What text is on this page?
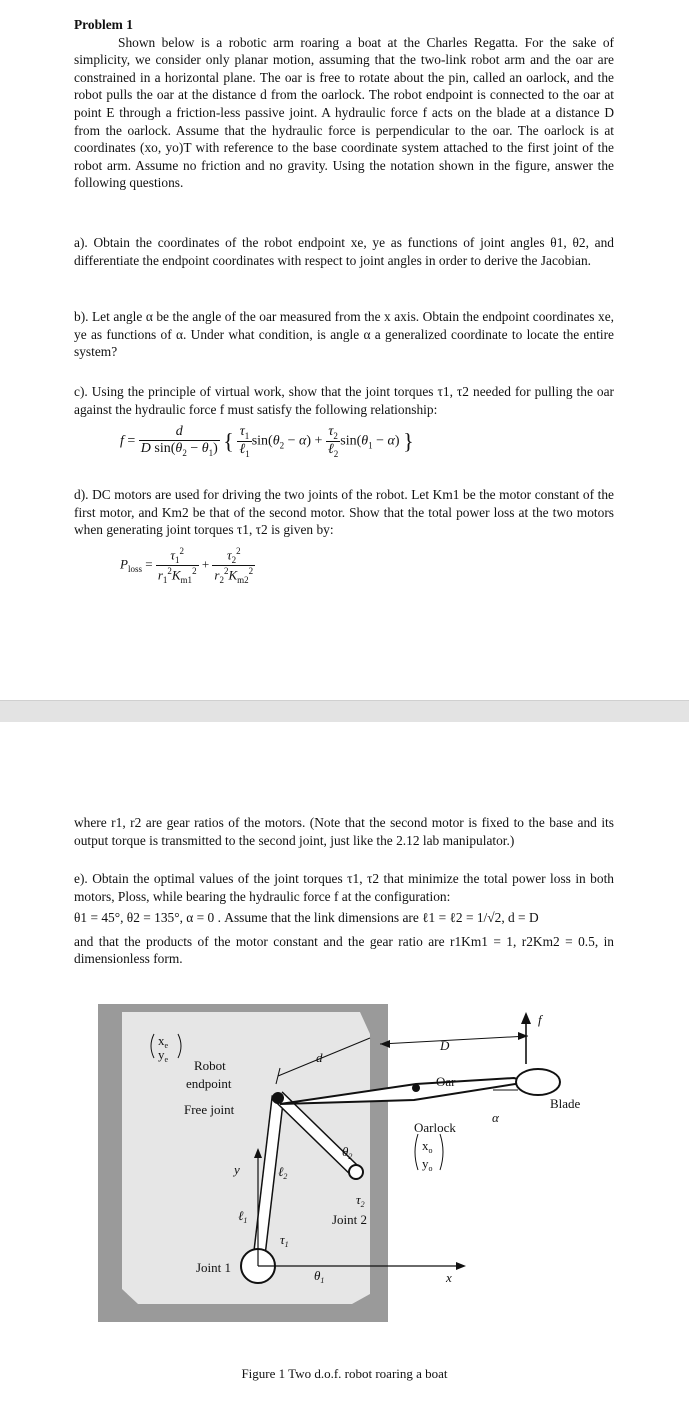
Problem 1

Shown below is a robotic arm roaring a boat at the Charles Regatta. For the sake of simplicity, we consider only planar motion, assuming that the two-link robot arm and the oar are constrained in a horizontal plane. The oar is free to rotate about the pin, called an oarlock, and the robot pulls the oar at the distance d from the oarlock. The robot endpoint is connected to the oar at point E through a friction-less passive joint. A hydraulic force f acts on the blade at a distance D from the oarlock. Assume that the hydraulic force is perpendicular to the oar. The oarlock is at coordinates (xo, yo)T with reference to the base coordinate system attached to the first joint of the robot arm. Assume no friction and no gravity. Using the notation shown in the figure, answer the following questions.

a). Obtain the coordinates of the robot endpoint xe, ye as functions of joint angles θ1, θ2, and differentiate the endpoint coordinates with respect to joint angles in order to derive the Jacobian.

b). Let angle α be the angle of the oar measured from the x axis. Obtain the endpoint coordinates xe, ye as functions of α. Under what condition, is angle α a generalized coordinate to locate the entire system?

c). Using the principle of virtual work, show that the joint torques τ1, τ2 needed for pulling the oar against the hydraulic force f must satisfy the following relationship:

$f = \frac{d}{D \sin(\theta_2 - \theta_1)}$ { $\frac{\tau_1}{\ell_1} \sin(\theta_2 - \alpha) + \frac{\tau_2}{\ell_2} \sin(\theta_1 - \alpha)$ }

d). DC motors are used for driving the two joints of the robot. Let Km1 be the motor constant of the first motor, and Km2 be that of the second motor. Show that the total power loss at the two motors when generating joint torques τ1, τ2 is given by:

$P_{loss} = \frac{\tau_1^2}{r_1^2K_{m1}^2} + \frac{\tau_2^2}{r_2^2K_{m2}^2}$

where r1, r2 are gear ratios of the motors. (Note that the second motor is fixed to the base and its output torque is transmitted to the second joint, just like the 2.12 lab manipulator.)

e). Obtain the optimal values of the joint torques τ1, τ2 that minimize the total power loss in both motors, Ploss, while bearing the hydraulic force f at the configuration:

θ1 = 45°, θ2 = 135°, α = 0 . Assume that the link dimensions are ℓ1 = ℓ2 = 1/√2, d = D

and that the products of the motor constant and the gear ratio are r1Km1 = 1, r2Km2 = 0.5, in dimensionless form.

$x_e$
$y_e$ Robot
endpoint
Free joint
d
D
f
Oar
Blade
Oarlock
$x_o$
$y_o$
α
$\theta_2$
$\tau_2$
Joint 2
y	ℓ$_2$
ℓ$_1$
$\tau_1$
Joint 1
$\theta_1$	x
Figure 1 Two d.o.f. robot roaring a boat
